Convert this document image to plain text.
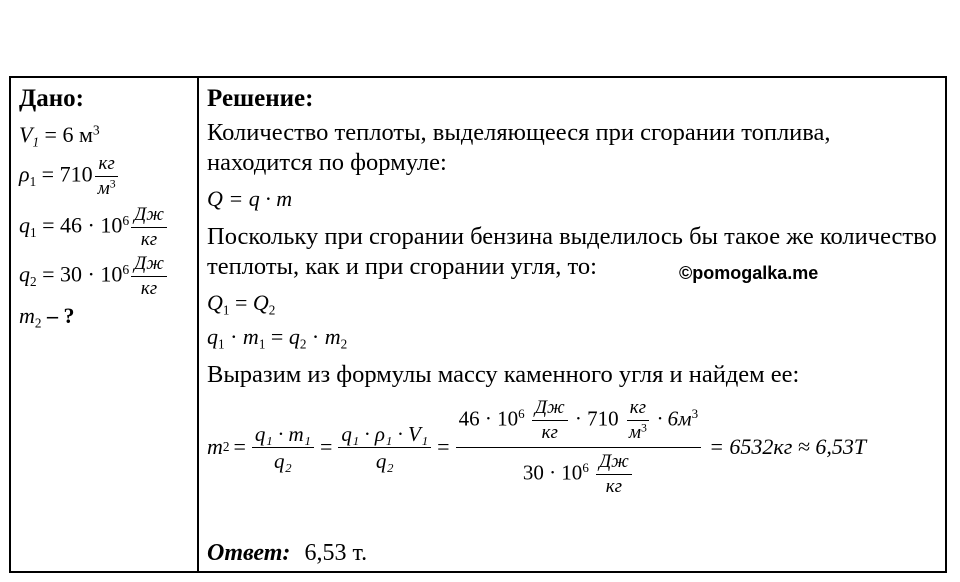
Дано:
$V_1 = 6$ $м^3$
$\rho_1 = 710 \frac{кг}{м^3}$
$q_1 = 46 \cdot 10^6 \frac{Дж}{кг}$
$q_2 = 30 \cdot 10^6 \frac{Дж}{кг}$
$m_2$ – ?
Решение:
Количество теплоты, выделяющееся при сгорании топлива, находится по формуле:
Q = q · m
Поскольку при сгорании бензина выделилось бы такое же количество теплоты, как и при сгорании угля, то:
$Q_1 = Q_2$
$q_1 \cdot m_1 = q_2 \cdot m_2$
Выразим из формулы массу каменного угля и найдем ее:
m $2 = \frac{\text{q₁ · m₁}}{\text{q₂}} = \frac{\text{q₁ · ρ₁ · V₁}}{\text{q₂}}$ =
$46 \cdot 10^6 \frac{Дж}{кг} \cdot 710 \frac{кг}{м^3} \cdot 6м^3$
$30 \cdot 10^6 \frac{Дж}{кг}$
= 6532кг ≈ 6,53Т
Ответ: 6,53 т.
©pomogalka.me
